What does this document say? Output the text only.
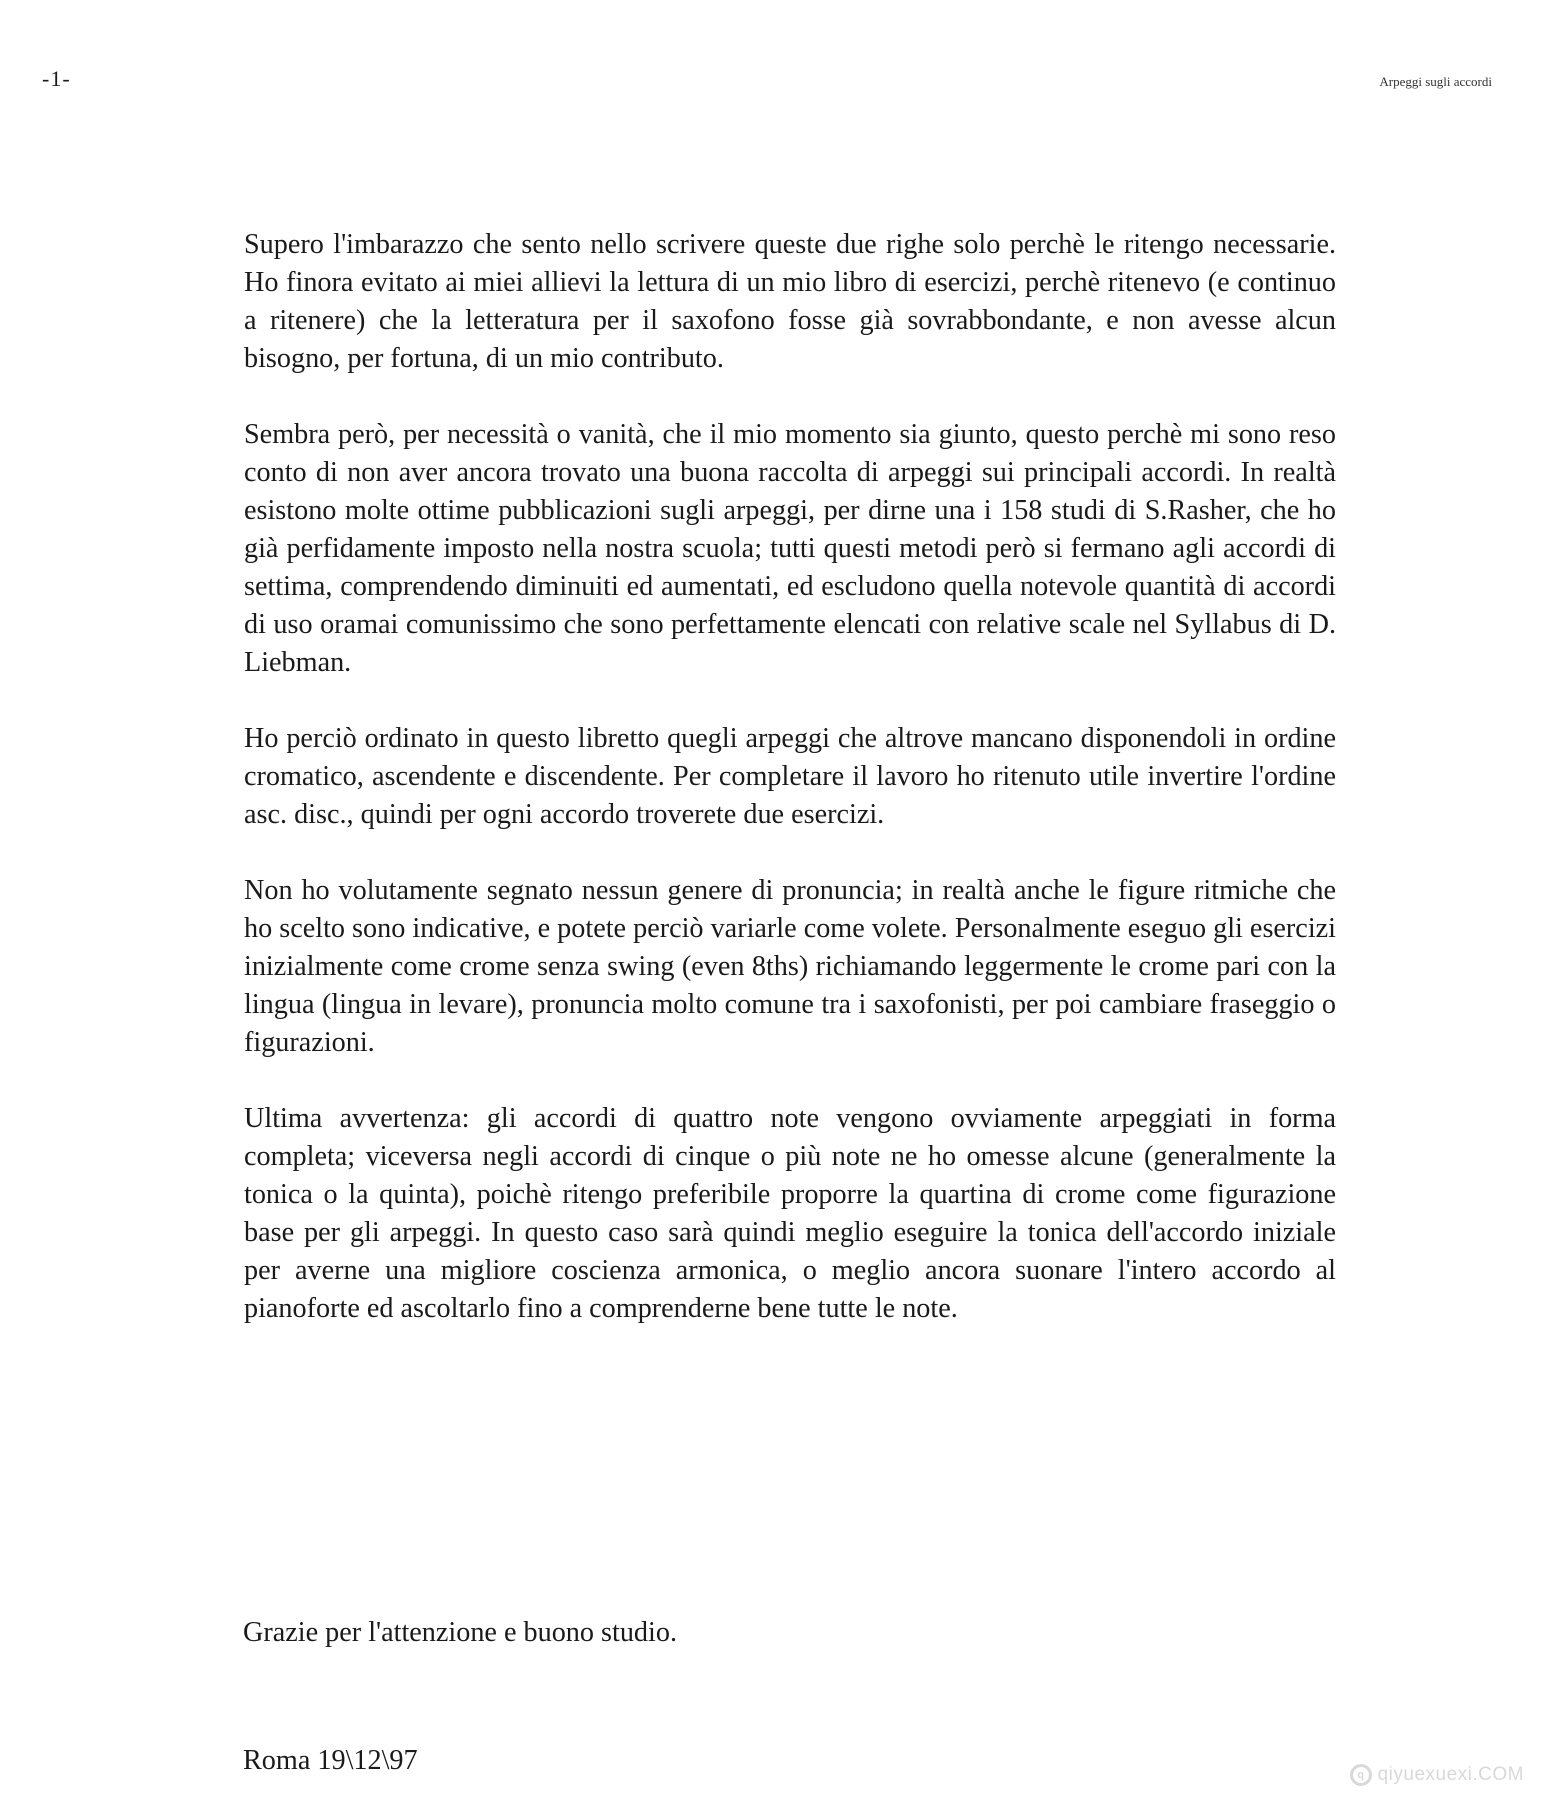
-1-	Arpeggi sugli accordi

Supero l'imbarazzo che sento nello scrivere queste due righe solo perchè le ritengo necessarie. Ho finora evitato ai miei allievi la lettura di un mio libro di esercizi, perchè ritenevo (e continuo a ritenere) che la letteratura per il saxofono fosse già sovrabbondante, e non avesse alcun bisogno, per fortuna, di un mio contributo.

Sembra però, per necessità o vanità, che il mio momento sia giunto, questo perchè mi sono reso conto di non aver ancora trovato una buona raccolta di arpeggi sui principali accordi. In realtà esistono molte ottime pubblicazioni sugli arpeggi, per dirne una i 158 studi di S.Rasher, che ho già perfidamente imposto nella nostra scuola; tutti questi metodi però si fermano agli accordi di settima, comprendendo diminuiti ed aumentati, ed escludono quella notevole quantità di accordi di uso oramai comunissimo che sono perfettamente elencati con relative scale nel Syllabus di D. Liebman.

Ho perciò ordinato in questo libretto quegli arpeggi che altrove mancano disponendoli in ordine cromatico, ascendente e discendente. Per completare il lavoro ho ritenuto utile invertire l'ordine asc. disc., quindi per ogni accordo troverete due esercizi.

Non ho volutamente segnato nessun genere di pronuncia; in realtà anche le figure ritmiche che ho scelto sono indicative, e potete perciò variarle come volete. Personalmente eseguo gli esercizi inizialmente come crome senza swing (even 8ths) richiamando leggermente le crome pari con la lingua (lingua in levare), pronuncia molto comune tra i saxofonisti, per poi cambiare fraseggio o figurazioni.

Ultima avvertenza: gli accordi di quattro note vengono ovviamente arpeggiati in forma completa; viceversa negli accordi di cinque o più note ne ho omesse alcune (generalmente la tonica o la quinta), poichè ritengo preferibile proporre la quartina di crome come figurazione base per gli arpeggi. In questo caso sarà quindi meglio eseguire la tonica dell'accordo iniziale per averne una migliore coscienza armonica, o meglio ancora suonare l'intero accordo al pianoforte ed ascoltarlo fino a comprenderne bene tutte le note.

Grazie per l'attenzione e buono studio.

Roma 19\12\97	q qiyuexuexi.COM
